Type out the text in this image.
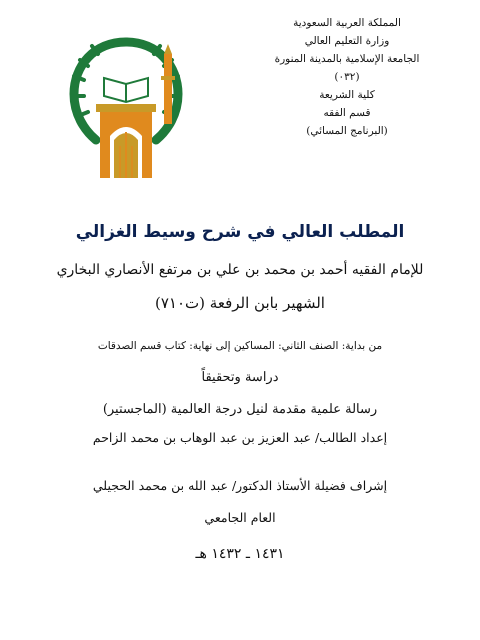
المملكة العربية السعودية
وزارة التعليم العالي
الجامعة الإسلامية بالمدينة المنورة
(٠٣٢)
كلية الشريعة
قسم الفقه
(البرنامج المسائي)
المطلب العالي في شرح وسيط الغزالي
للإمام الفقيه أحمد بن محمد بن علي بن مرتفع الأنصاري البخاري
الشهير بابن الرفعة (ت٧١٠)
من بداية: الصنف الثاني: المساكين إلى نهاية: كتاب قسم الصدقات
دراسة وتحقيقاً
رسالة علمية مقدمة لنيل درجة العالمية (الماجستير)
إعداد الطالب/ عبد العزيز بن عبد الوهاب بن محمد الزاحم
إشراف فضيلة الأستاذ الدكتور/ عبد الله بن محمد الحجيلي
العام الجامعي
١٤٣١ ـ ١٤٣٢ هـ
